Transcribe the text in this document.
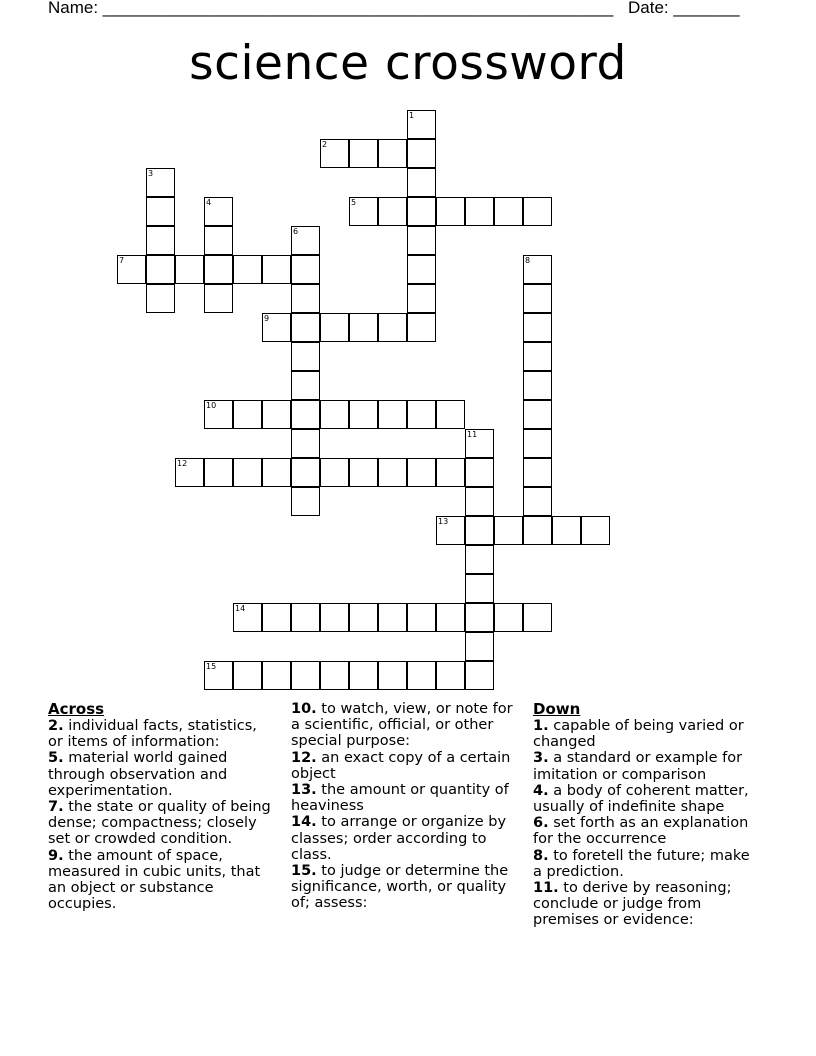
Name: ______________________________________________________ Date: _______
science crossword
1
2
3
4	5
6
7	8
9
10
11
12
13
14
15
Across

2. individual facts, statistics, or items of information:

5. material world gained through observation and experimentation.

7. the state or quality of being dense; compactness; closely set or crowded condition.

9. the amount of space, measured in cubic units, that an object or substance occupies.

10. to watch, view, or note for a scientific, official, or other special purpose:

12. an exact copy of a certain object

13. the amount or quantity of heaviness

14. to arrange or organize by classes; order according to class.

15. to judge or determine the significance, worth, or quality of; assess:

Down

1. capable of being varied or changed

3. a standard or example for imitation or comparison

4. a body of coherent matter, usually of indefinite shape

6. set forth as an explanation for the occurrence

8. to foretell the future; make a prediction.

11. to derive by reasoning; conclude or judge from premises or evidence:
